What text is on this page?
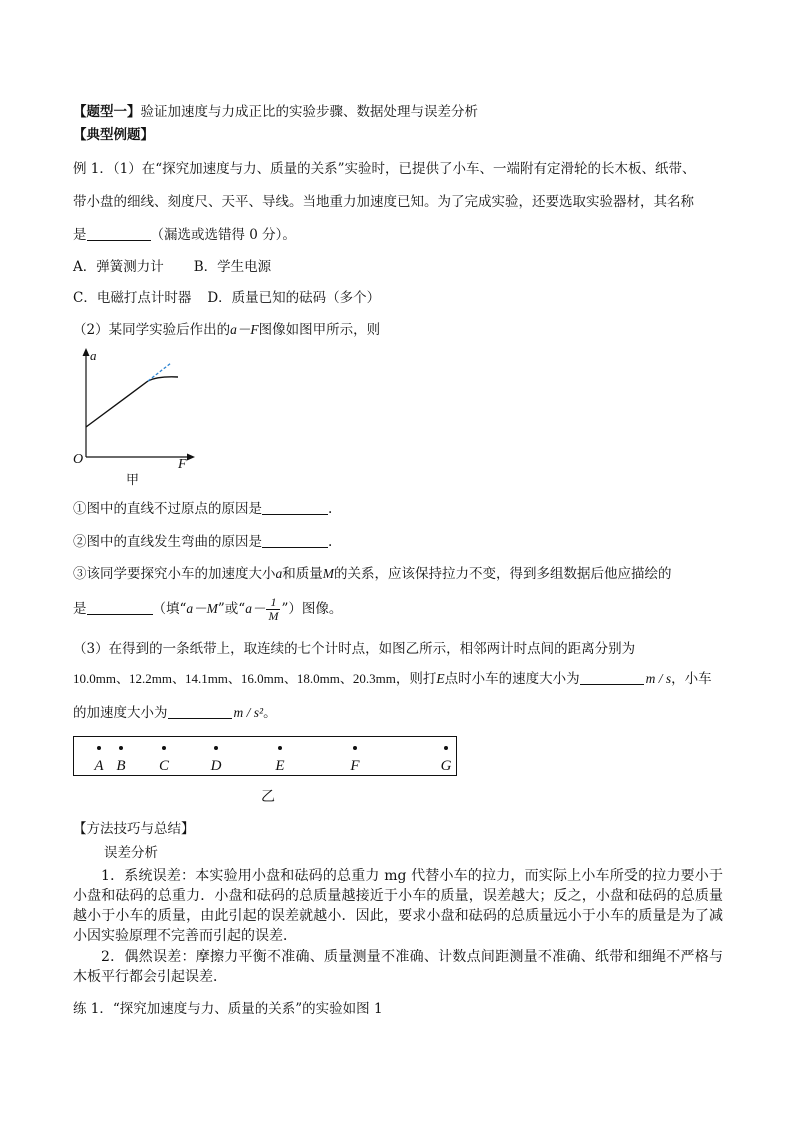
【题型一】验证加速度与力成正比的实验步骤、数据处理与误差分析
【典型例题】
例 1．（1）在“探究加速度与力、质量的关系”实验时，已提供了小车、一端附有定滑轮的长木板、纸带、
带小盘的细线、刻度尺、天平、导线。当地重力加速度已知。为了完成实验，还要选取实验器材，其名称
是	（漏选或选错得 0 分）。
A．弹簧测力计 B．学生电源
C．电磁打点计时器 D．质量已知的砝码（多个）
（2）某同学实验后作出的a－F图像如图甲所示，则
a
F
O
甲
①图中的直线不过原点的原因是	.
②图中的直线发生弯曲的原因是	.
③该同学要探究小车的加速度大小a和质量M的关系，应该保持拉力不变，得到多组数据后他应描绘的
是	（填“a－M”或“$a- \frac{1}{M}$ ”）图像。
（3）在得到的一条纸带上，取连续的七个计时点，如图乙所示，相邻两计时点间的距离分别为
10.0mm、12.2mm、14.1mm、16.0mm、18.0mm、20.3mm，则打E点时小车的速度大小为	m / s，小车
的加速度大小为	m / s²。
A B C	D	E	F	G
乙
【方法技巧与总结】
误差分析
1．系统误差：本实验用小盘和砝码的总重力 mg 代替小车的拉力，而实际上小车所受的拉力要小于小盘和砝码的总重力．小盘和砝码的总质量越接近于小车的质量，误差越大；反之，小盘和砝码的总质量越小于小车的质量，由此引起的误差就越小．因此，要求小盘和砝码的总质量远小于小车的质量是为了减小因实验原理不完善而引起的误差．
2．偶然误差：摩擦力平衡不准确、质量测量不准确、计数点间距测量不准确、纸带和细绳不严格与木板平行都会引起误差．
练 1．“探究加速度与力、质量的关系”的实验如图 1
